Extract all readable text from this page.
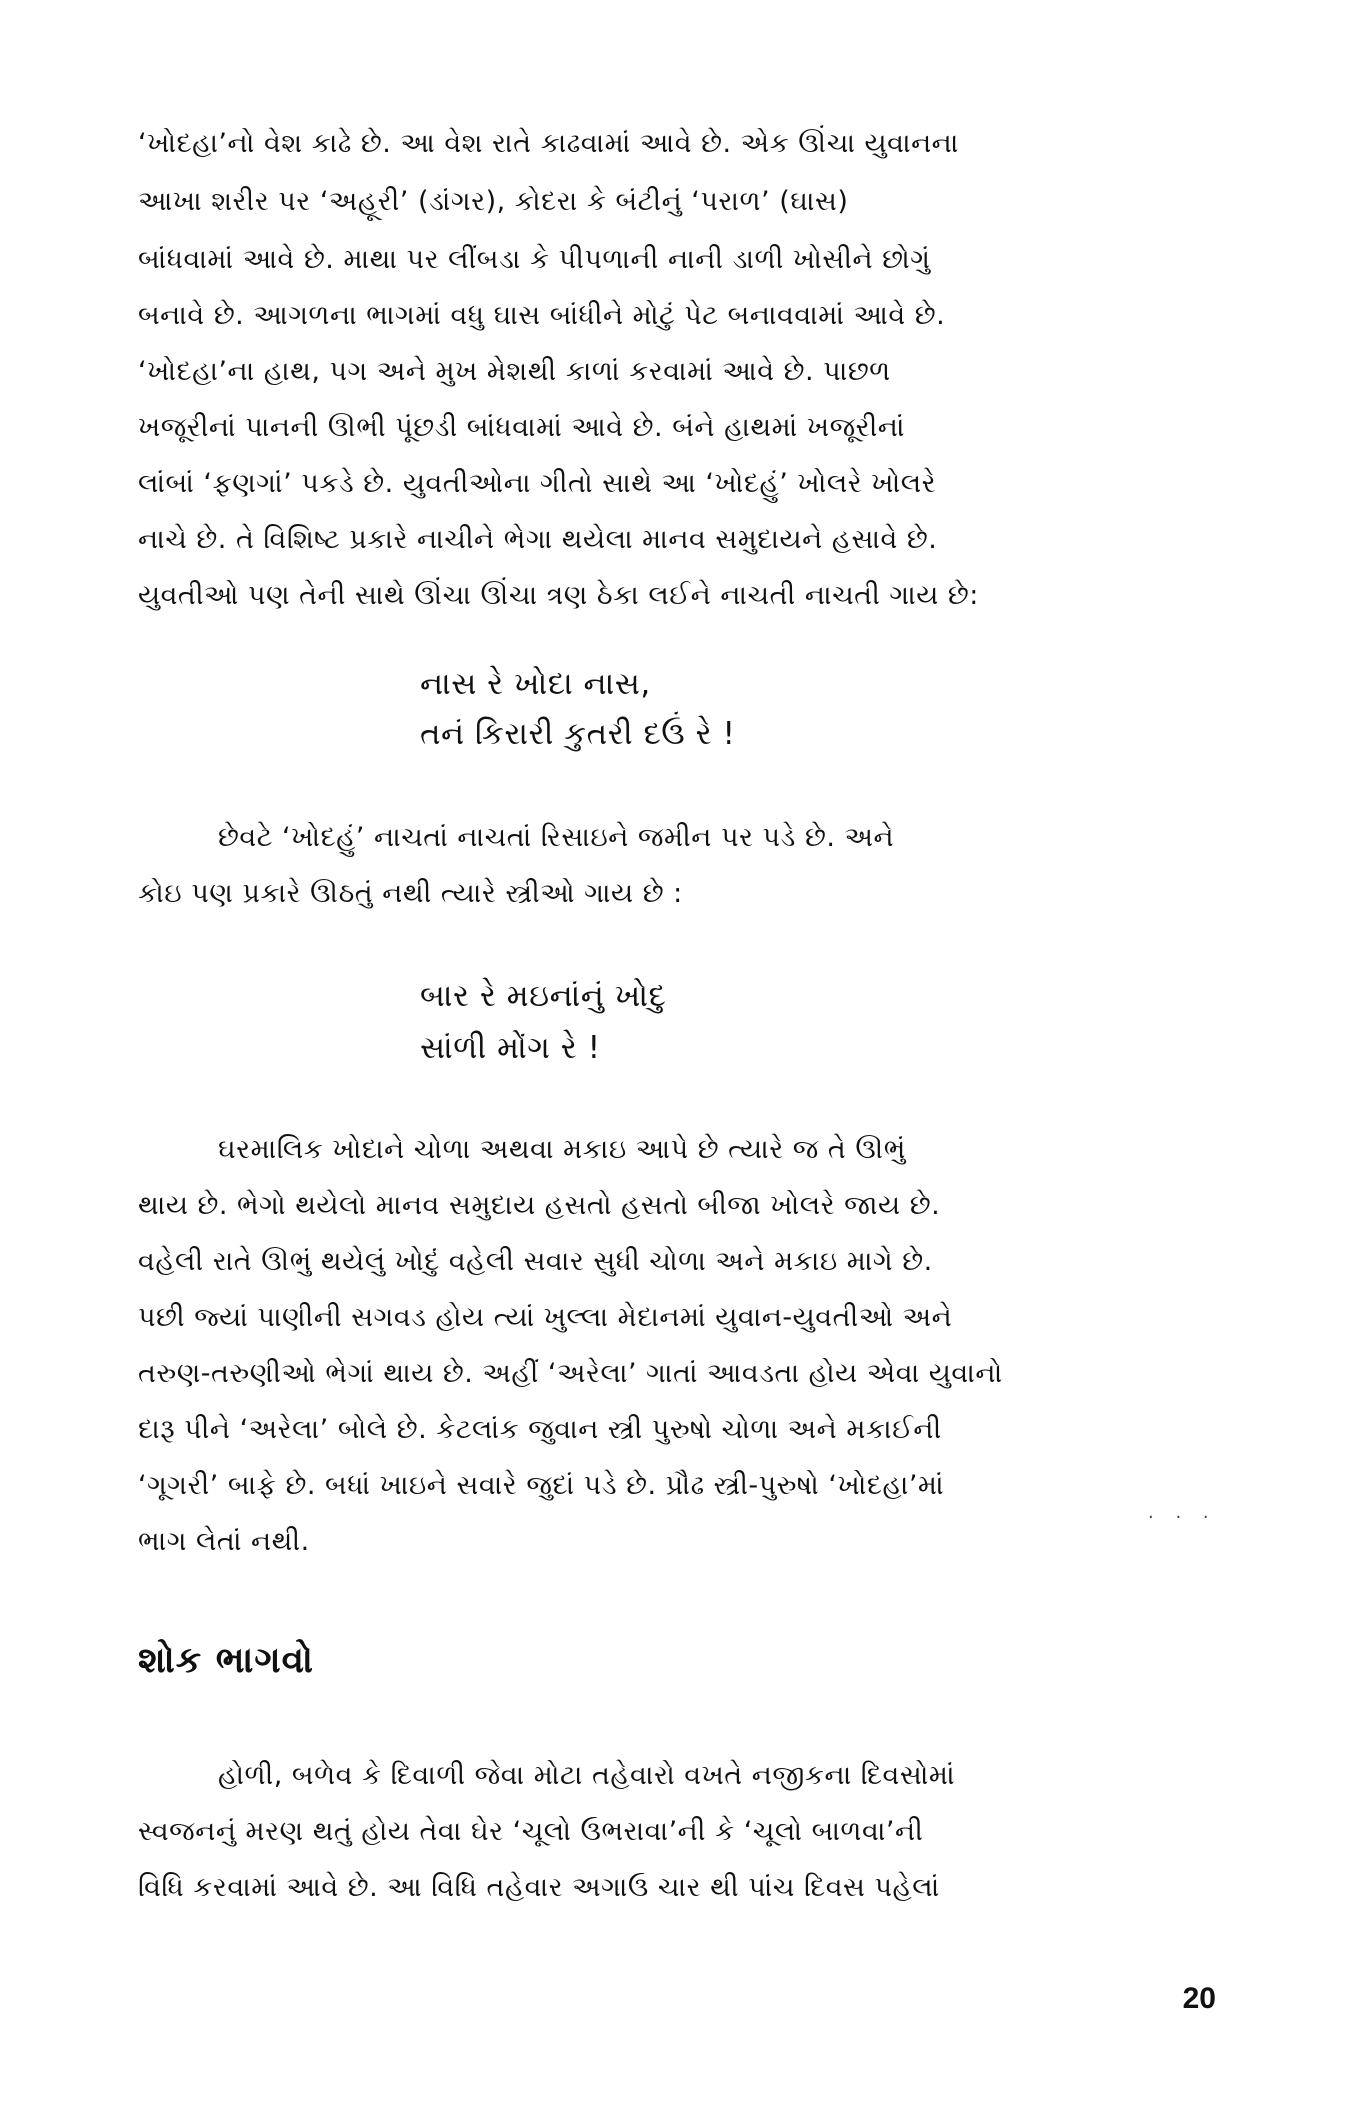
‘ખોદહા’નો વેશ કાઢે છે. આ વેશ રાતે કાઢવામાં આવે છે. એક ઊંચા યુવાનના
આખા શરીર પર ‘અહૂરી’ (ડાંગર), કોદરા કે બંટીનું ‘પરાળ’ (ઘાસ)
બાંધવામાં આવે છે. માથા પર લીંબડા કે પીપળાની નાની ડાળી ખોસીને છોગું
બનાવે છે. આગળના ભાગમાં વધુ ઘાસ બાંધીને મોટું પેટ બનાવવામાં આવે છે.
‘ખોદહા’ના હાથ, પગ અને મુખ મેશથી કાળાં કરવામાં આવે છે. પાછળ
ખજૂરીનાં પાનની ઊભી પૂંછડી બાંધવામાં આવે છે. બંને હાથમાં ખજૂરીનાં
લાંબાં ‘ફણગાં’ પકડે છે. યુવતીઓના ગીતો સાથે આ ‘ખોદહું’ ખોલરે ખોલરે
નાચે છે. તે વિશિષ્ટ પ્રકારે નાચીને ભેગા થયેલા માનવ સમુદાયને હસાવે છે.
યુવતીઓ પણ તેની સાથે ઊંચા ઊંચા ત્રણ ઠેકા લઈને નાચતી નાચતી ગાય છે:
નાસ રે ખોદા નાસ,
તનં કિરારી કુતરી દઉં રે !
છેવટે ‘ખોદહું’ નાચતાં નાચતાં રિસાઇને જમીન પર પડે છે. અને
કોઇ પણ પ્રકારે ઊઠતું નથી ત્યારે સ્ત્રીઓ ગાય છે :
બાર રે મઇનાંનું ખોદુ
સાંળી મોંગ રે !
ઘરમાલિક ખોદાને ચોળા અથવા મકાઇ આપે છે ત્યારે જ તે ઊભું
થાય છે. ભેગો થયેલો માનવ સમુદાય હસતો હસતો બીજા ખોલરે જાય છે.
વહેલી રાતે ઊભું થયેલું ખોદું વહેલી સવાર સુધી ચોળા અને મકાઇ માગે છે.
પછી જ્યાં પાણીની સગવડ હોય ત્યાં ખુલ્લા મેદાનમાં યુવાન-યુવતીઓ અને
તરુણ-તરુણીઓ ભેગાં થાય છે. અહીં ‘અરેલા’ ગાતાં આવડતા હોય એવા યુવાનો
દારૂ પીને ‘અરેલા’ બોલે છે. કેટલાંક જુવાન સ્ત્રી પુરુષો ચોળા અને મકાઈની
‘ગૂગરી’ બાફે છે. બધાં ખાઇને સવારે જુદાં પડે છે. પ્રૌઢ સ્ત્રી-પુરુષો ‘ખોદહા’માં
ભાગ લેતાં નથી.
. . .
શોક ભાગવો
હોળી, બળેવ કે દિવાળી જેવા મોટા તહેવારો વખતે નજીકના દિવસોમાં
સ્વજનનું મરણ થતું હોય તેવા ઘેર ‘ચૂલો ઉભરાવા’ની કે ‘ચૂલો બાળવા’ની
વિધિ કરવામાં આવે છે. આ વિધિ તહેવાર અગાઉ ચાર થી પાંચ દિવસ પહેલાં
20
